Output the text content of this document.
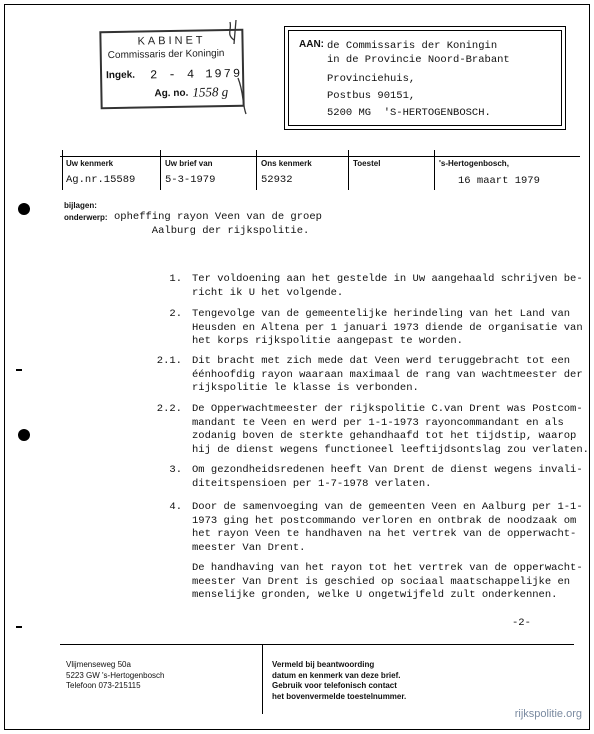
KABINET
Commissaris der Koningin
Ingek. 2 - 4 1979
Ag. no. 1558 g
AAN: de Commissaris der Koningin
in de Provincie Noord-Brabant
Provinciehuis,
Postbus 90151,
5200 MG  'S-HERTOGENBOSCH.
Uw kenmerk
Ag.nr.15589
Uw brief van
5-3-1979
Ons kenmerk
52932
Toestel	's-Hertogenbosch,
16 maart 1979
bijlagen:
onderwerp: opheffing rayon Veen van de groep
Aalburg der rijkspolitie.
1. Ter voldoening aan het gestelde in Uw aangehaald schrijven be-

richt ik U het volgende.

2. Tengevolge van de gemeentelijke herindeling van het Land van

Heusden en Altena per 1 januari 1973 diende de organisatie van

het korps rijkspolitie aangepast te worden.

2.1. Dit bracht met zich mede dat Veen werd teruggebracht tot een

éénhoofdig rayon waaraan maximaal de rang van wachtmeester der

rijkspolitie le klasse is verbonden.

2.2. De Opperwachtmeester der rijkspolitie C.van Drent was Postcom-

mandant te Veen en werd per 1-1-1973 rayoncommandant en als

zodanig boven de sterkte gehandhaafd tot het tijdstip, waarop

hij de dienst wegens functioneel leeftijdsontslag zou verlaten.

3. Om gezondheidsredenen heeft Van Drent de dienst wegens invali-

diteitspensioen per 1-7-1978 verlaten.

4. Door de samenvoeging van de gemeenten Veen en Aalburg per 1-1-

1973 ging het postcommando verloren en ontbrak de noodzaak om

het rayon Veen te handhaven na het vertrek van de opperwacht-

meester Van Drent.

De handhaving van het rayon tot het vertrek van de opperwacht-

meester Van Drent is geschied op sociaal maatschappelijke en

menselijke gronden, welke U ongetwijfeld zult onderkennen.

-2-
Vlijmenseweg 50a
5223 GW 's-Hertogenbosch
Telefoon 073-215115
Vermeld bij beantwoording
datum en kenmerk van deze brief.
Gebruik voor telefonisch contact
het bovenvermelde toestelnummer.
rijkspolitie.org
